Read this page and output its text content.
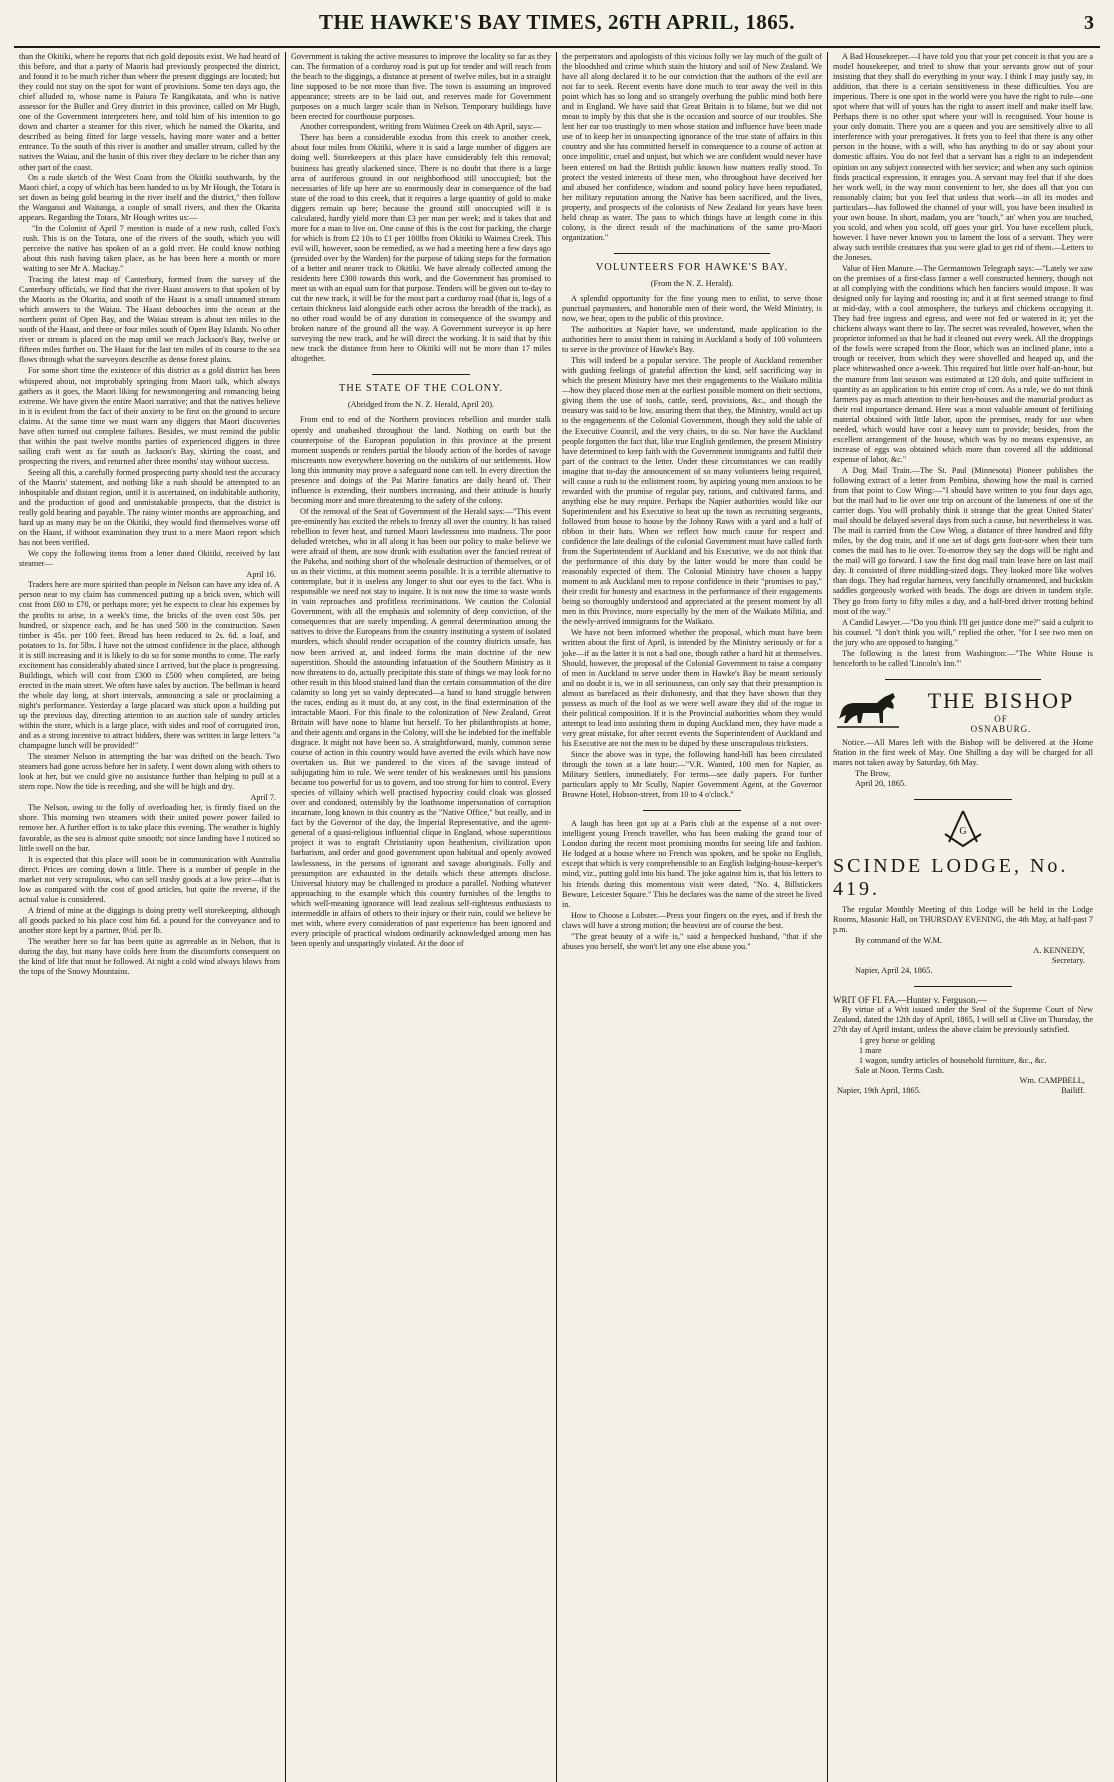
THE HAWKE'S BAY TIMES, 26TH APRIL, 1865.	3

than the Okitiki, where he reports that rich gold deposits exist. We had heard of this before, and that a party of Maoris had previously prospected the district, and found it to be much richer than where the present diggings are located; but they could not stay on the spot for want of provisions. Some ten days ago, the chief alluded to, whose name is Paiura Te Rangikatata, and who is native assessor for the Buller and Grey district in this province, called on Mr Hugh, one of the Government interpreters here, and told him of his intention to go down and charter a steamer for this river, which he named the Okarita, and described as being fitted for large vessels, having more water and a better entrance. To the south of this river is another and smaller stream, called by the natives the Waiau, and the basin of this river they declare to be richer than any other part of the coast.

On a rude sketch of the West Coast from the Okitiki southwards, by the Maori chief, a copy of which has been handed to us by Mr Hough, the Totara is set down as being gold bearing in the river itself and the district," then follow the Wanganui and Waitanga, a couple of small rivers, and then the Okarita appears. Regarding the Totara, Mr Hough writes us:—

"In the Colonist of April 7 mention is made of a new rush, called Fox's rush. This is on the Totara, one of the rivers of the south, which you will perceive the native has spoken of as a gold river. He could know nothing about this rush having taken place, as he has been here a month or more waiting to see Mr A. Mackay."

Tracing the latest map of Canterbury, formed from the survey of the Canterbury officials, we find that the river Haast answers to that spoken of by the Maoris as the Okarita, and south of the Haast is a small unnamed stream which answers to the Waiau. The Haast debouches into the ocean at the northern point of Open Bay, and the Waiau stream is about ten miles to the south of the Haast, and three or four miles south of Open Bay Islands. No other river or stream is placed on the map until we reach Jackson's Bay, twelve or fifteen miles further on. The Haast for the last ten miles of its course to the sea flows through what the surveyors describe as dense forest plains.

For some short time the existence of this district as a gold district has been whispered about, not improbably springing from Maori talk, which always gathers as it goes, the Maori liking for newsmongering and romancing being extreme. We have given the entire Maori narrative; and that the natives believe in it is evident from the fact of their anxiety to be first on the ground to secure claims. At the same time we must warn any diggers that Maori discoveries have often turned out complete failures. Besides, we must remind the public that within the past twelve months parties of experienced diggers in three sailing craft went as far south as Jackson's Bay, skirting the coast, and prospecting the rivers, and returned after three months' stay without success.

Seeing all this, a carefully formed prospecting party should test the accuracy of the Maoris' statement, and nothing like a rush should be attempted to an inhospitable and distant region, until it is ascertained, on indubitable authority, and the production of good and unmistakable prospects, that the district is really gold bearing and payable. The rainy winter months are approaching, and hard up as many may be on the Okitiki, they would find themselves worse off on the Haast, if without examination they trust to a mere Maori report which has not been verified.

We copy the following items from a letter dated Okitiki, received by last steamer—

April 16.

Traders here are more spirited than people in Nelson can have any idea of. A person near to my claim has commenced putting up a brick oven, which will cost from £60 to £70, or perhaps more; yet he expects to clear his expenses by the profits to arise, in a week's time, the bricks of the oven cost 50s. per hundred, or sixpence each, and he has used 500 in the construction. Sawn timber is 45s. per 100 feet. Bread has been reduced to 2s. 6d. a loaf, and potatoes to 1s. for 5lbs. I have not the utmost confidence in the place, although it is still increasing and it is likely to do so for some months to come. The early excitement has considerably abated since I arrived, but the place is progressing. Buildings, which will cost from £300 to £500 when completed, are being erected in the main street. We often have sales by auction. The bellman is heard the whole day long, at short intervals, announcing a sale or proclaiming a night's performance. Yesterday a large placard was stuck upon a building put up the previous day, directing attention to an auction sale of sundry articles within the store, which is a large place, with sides and roof of corrugated iron, and as a strong incentive to attract bidders, there was written in large letters "a champagne lunch will be provided!"

The steamer Nelson in attempting the bar was drifted on the beach. Two steamers had gone across before her in safety. I went down along with others to look at her, but we could give no assistance further than helping to pull at a stern rope. Now the tide is receding, and she will be high and dry.

April 7.

The Nelson, owing to the folly of overloading her, is firmly fixed on the shore. This morning two steamers with their united power power failed to remove her. A further effort is to take place this evening. The weather is highly favorable, as the sea is almost quite smooth; not since landing have I noticed so little swell on the bar.

It is expected that this place will soon be in communication with Australia direct. Prices are coming down a little. There is a number of people in the market not very scrupulous, who can sell trashy goods at a low price—that is low as compared with the cost of good articles, but quite the reverse, if the actual value is considered.

A friend of mine at the diggings is doing pretty well storekeeping, although all goods packed to his place cost him 6d. a pound for the conveyance and to another store kept by a partner, 8½d. per lb.

The weather here so far has been quite as agreeable as in Nelson, that is during the day, but many have colds here from the discomforts consequent on the kind of life that must be followed. At night a cold wind always blows from the tops of the Snowy Mountains.

Government is taking the active measures to improve the locality so far as they can. The formation of a corduroy road is put up for tender and will reach from the beach to the diggings, a distance at present of twelve miles, but in a straight line supposed to be not more than five. The town is assuming an improved appearance; streets are to be laid out, and reserves made for Government purposes on a much larger scale than in Nelson. Temporary buildings have been erected for courthouse purposes.

Another correspondent, writing from Waimea Creek on 4th April, says:—

There has been a considerable exodus from this creek to another creek, about four miles from Okitiki, where it is said a large number of diggers are doing well. Storekeepers at this place have considerably felt this removal; business has greatly slackened since. There is no doubt that there is a large area of auriferous ground in our neighborhood still unoccupied; but the necessaries of life up here are so enormously dear in consequence of the bad state of the road to this creek, that it requires a large quantity of gold to make diggers remain up here; because the ground still unoccupied will it is calculated, hardly yield more than £3 per man per week; and it takes that and more for a man to live on. One cause of this is the cost for packing, the charge for which is from £2 10s to £1 per 100lbs from Okitiki to Waimea Creek. This evil will, however, soon be remedied, as we had a meeting here a few days ago (presided over by the Warden) for the purpose of taking steps for the formation of a better and nearer track to Okitiki. We have already collected among the residents here £300 towards this work, and the Government has promised to meet us with an equal sum for that purpose. Tenders will be given out to-day to cut the new track, it will be for the most part a corduroy road (that is, logs of a certain thickness laid alongside each other across the breadth of the track), as no other road would be of any duration in consequence of the swampy and broken nature of the ground all the way. A Government surveyor is up here surveying the new track, and he will direct the working. It is said that by this new track the distance from here to Okitiki will not be more than 17 miles altogether.

THE STATE OF THE COLONY.
(Abridged from the N. Z. Herald, April 20).

From end to end of the Northern provinces rebellion and murder stalk openly and unabashed throughout the land. Nothing on earth but the counterpoise of the European population in this province at the present moment suspends or renders partial the bloody action of the hordes of savage miscreants now everywhere hovering on the outskirts of our settlements. How long this immunity may prove a safeguard none can tell. In every direction the presence and doings of the Pai Marire fanatics are daily heard of. Their influence is extending, their numbers increasing, and their attitude is hourly becoming more and more threatening to the safety of the colony.

Of the removal of the Seat of Government of the Herald says:—"This event pre-eminently has excited the rebels to frenzy all over the country. It has raised rebellion to fever heat, and turned Maori lawlessness into madness. The poor deluded wretches, who in all along it has been our policy to make believe we were afraid of them, are now drunk with exultation over the fancied retreat of the Pakeha, and nothing short of the wholesale destruction of themselves, or of us as their victims, at this moment seems possible. It is a terrible alternative to contemplate, but it is useless any longer to shut our eyes to the fact. Who is responsible we need not stay to inquire. It is not now the time to waste words in vain reproaches and profitless recriminations. We caution the Colonial Government, with all the emphasis and solemnity of deep conviction, of the consequences that are surely impending. A general determination among the natives to drive the Europeans from the country instituting a system of isolated murders, which should render occupation of the country districts unsafe, has now been arrived at, and indeed forms the main doctrine of the new superstition. Should the astounding infatuation of the Southern Ministry as it now threatens to do, actually precipitate this state of things we may look for no other result in this blood stained land than the certain consummation of the dire calamity so long yet so vainly deprecated—a hand to hand struggle between the races, ending as it must do, at any cost, in the final extermination of the intractable Maori. For this finale to the colonization of New Zealand, Great Britain will have none to blame but herself. To her philanthropists at home, and their agents and organs in the Colony, will she be indebted for the ineffable disgrace. It might not have been so. A straightforward, manly, common sense course of action in this country would have averted the evils which have now overtaken us. But we pandered to the vices of the savage instead of subjugating him to rule. We were tender of his weaknesses until his passions became too powerful for us to govern, and too strong for him to control. Every species of villainy which well practised hypocrisy could cloak was glossed over and condoned, ostensibly by the loathsome impersonation of corruption incarnate, long known in this country as the "Native Office," but really, and in fact by the Governor of the day, the Imperial Representative, and the agent-general of a quasi-religious influential clique in England, whose superstitious project it was to engraft Christianity upon heathenism, civilization upon barbarism, and order and good government upon habitual and openly avowed lawlessness, in the persons of ignorant and savage aboriginals. Folly and presumption are exhausted in the details which these attempts disclose. Universal history may be challenged to produce a parallel. Nothing whatever approaching to the example which this country furnishes of the lengths to which well-meaning ignorance will lead zealous self-righteous enthusiasts to intermeddle in affairs of others to their injury or their ruin, could we believe be met with, where every consideration of past experience has been ignored and every principle of practical wisdom ordinarily acknowledged among men has been openly and unsparingly violated. At the door of

the perpetrators and apologists of this vicious folly we lay much of the guilt of the bloodshed and crime which stain the history and soil of New Zealand. We have all along declared it to be our conviction that the authors of the evil are not far to seek. Recent events have done much to tear away the veil in this point which has so long and so strangely overhung the public mind both here and in England. We have said that Great Britain is to blame, but we did not mean to imply by this that she is the occasion and source of our troubles. She lent her ear too trustingly to men whose station and influence have been made use of to keep her in unsuspecting ignorance of the true state of affairs in this country and she has committed herself in consequence to a course of action at once impolitic, cruel and unjust, but which we are confident would never have been entered on had the British public known how matters really stood. To protect the vested interests of these men, who throughout have deceived her and abused her confidence, wisdom and sound policy have been repudiated, her military reputation among the Native has been sacrificed, and the lives, property, and prospects of the colonists of New Zealand for years have been held cheap as water. The pass to which things have at length come in this colony, is the direct result of the machinations of the same pro-Maori organization."

VOLUNTEERS FOR HAWKE'S BAY.
(From the N. Z. Herald).

A splendid opportunity for the fine young men to enlist, to serve those punctual paymasters, and honorable men of their word, the Weld Ministry, is now, we hear, open to the public of this province.

The authorities at Napier have, we understand, made application to the authorities here to assist them in raising in Auckland a body of 100 volunteers to serve in the province of Hawke's Bay.

This will indeed be a popular service. The people of Auckland remember with gushing feelings of grateful affection the kind, self sacrificing way in which the present Ministry have met their engagements to the Waikato militia—how they placed those men at the earliest possible moment on their sections, giving them the use of tools, cattle, seed, provisions, &c., and though the treasury was said to be low, assuring them that they, the Ministry, would act up to the engagements of the Colonial Government, though they sold the table of the Executive Council, and the very chairs, to do so. Nor have the Auckland people forgotten the fact that, like true English gentlemen, the present Ministry have determined to keep faith with the Government immigrants and fulfil their part of the contract to the letter. Under these circumstances we can readily imagine that to-day the announcement of so many volunteers being required, will cause a rush to the enlistment room, by aspiring young men anxious to be rewarded with the promise of regular pay, rations, and cultivated farms, and anything else he may require. Perhaps the Napier authorities would like our Superintendent and his Executive to beat up the town as recruiting sergeants, followed from house to house by the Johnny Raws with a yard and a half of ribbon in their hats. When we reflect how much cause for respect and confidence the late dealings of the colonial Government must have called forth from the Superintendent of Auckland and his Executive, we do not think that the performance of this duty by the latter would be more than could be reasonably expected of them. The Colonial Ministry have chosen a happy moment to ask Auckland men to repose confidence in their "promises to pay," their credit for honesty and exactness in the performance of their engagements being so thoroughly understood and appreciated at the present moment by all men in this Province, more especially by the men of the Waikato Militia, and the newly-arrived immigrants for the Waikato.

We have not been informed whether the proposal, which must have been written about the first of April, is intended by the Ministry seriously or for a joke—if as the latter it is not a bad one, though rather a hard hit at themselves. Should, however, the proposal of the Colonial Government to raise a company of men in Auckland to serve under them in Hawke's Bay be meant seriously and no doubt it is, we in all seriousness, can only say that their presumption is almost as barefaced as their dishonesty, and that they have shown that they possess as much of the fool as we were well aware they did of the rogue in their political composition. If it is the Provincial authorities whom they would attempt to lead into assisting them in duping Auckland men, they have made a very great mistake, for after recent events the Superintendent of Auckland and his Executive are not the men to be duped by these unscrupulous tricksters.

Since the above was in type, the following hand-bill has been circulated through the town at a late hour:—"V.R. Wanted, 100 men for Napier, as Military Settlers, immediately. For terms—see daily papers. For further particulars apply to Mr Scully, Napier Government Agent, at the Governor Browne Hotel, Hobson-street, from 10 to 4 o'clock."

A laugh has been got up at a Paris club at the expense of a not over-intelligent young French traveller, who has been making the grand tour of London during the recent most promising months for seeing life and fashion. He lodged at a house where no French was spoken, and he spoke no English, except that which is very comprehensible to an English lodging-house-keeper's mind, viz., putting gold into his hand. The joke against him is, that his letters to his friends during this momentous visit were dated, "No. 4, Billstickers Beware, Leicester Square." This he declares was the name of the street he lived in.

How to Choose a Lobster.—Press your fingers on the eyes, and if fresh the claws will have a strong motion; the heaviest are of course the best.

"The great beauty of a wife is," said a henpecked husband, "that if she abuses you herself, she won't let any one else abuse you."

A Bad Housekeeper.—I have told you that your pet conceit is that you are a model housekeeper, and tried to show that your servants grow out of your insisting that they shall do everything in your way. I think I may justly say, in addition, that there is a certain sensitiveness in these difficulties. You are imperious. There is one spot in the world were you have the right to rule—one spot where that will of yours has the right to assert itself and make itself law. Perhaps there is no other spot where your will is recognised. Your house is your only domain. There you are a queen and you are sensitively alive to all interference with your prerogatives. It frets you to feel that there is any other person in the house, with a will, who has anything to do or say about your domestic affairs. You do not feel that a servant has a right to an independent opinion on any subject connected with her service; and when any such opinion finds practical expression, it enrages you. A servant may feel that if she does her work well, in the way most convenient to her, she does all that you can reasonably claim; but you feel that unless that work—in all its modes and particulars—has followed the channel of your will, you have been insulted in your own house. In short, madam, you are "touch," an' when you are touched, you scold, and when you scold, off goes your girl. You have excellent pluck, however. I have never known you to lament the loss of a servant. They were alway such terrible creatures that you were glad to get rid of them.—Letters to the Joneses.

Value of Hen Manure.—The Germantown Telegraph says:—"Lately we saw on the premises of a first-class farmer a well constructed hennery, though not at all complying with the conditions which hen fanciers would impose. It was designed only for laying and roosting in; and it at first seemed strange to find at mid-day, with a cool atmosphere, the turkeys and chickens occupying it. They had free ingress and egress, and were not fed or watered in it; yet the chickens always want there to lay. The secret was revealed, however, when the proprietor informed us that he had it cleaned out every week. All the droppings of the fowls were scraped from the floor, which was an inclined plane, into a trough or receiver, from which they were shovelled and heaped up, and the place whitewashed once a-week. This required but little over half-an-hour, but the manure from last season was estimated at 120 dols, and quite sufficient in quantity as an application to his entire crop of corn. As a rule, we do not think farmers pay as much attention to their hen-houses and the manurial product as their real importance demand. Here was a most valuable amount of fertilising material obtained with little labor, upon the premises, ready for use when needed, which would have cost a heavy sum to provide; besides, from the excellent arrangement of the house, which was by no means expensive, an increase of eggs was obtained which more than covered all the additional expense of labor, &c."

A Dog Mail Train.—The St. Paul (Minnesota) Pioneer publishes the following extract of a letter from Pembina, showing how the mail is carried from that point to Cow Wing:—"I should have written to you four days ago, but the mail had to lie over one trip on account of the lameness of one of the carrier dogs. You will probably think it strange that the great United States' mail should be delayed several days from such a cause, but nevertheless it was. The mail is carried from the Cow Wing, a distance of three hundred and fifty miles, by the dog train, and if one set of dogs gets foot-sore when their turn comes the mail has to lie over. To-morrow they say the dogs will be right and the mail will go forward. I saw the first dog mail train leave here on last mail day. It consisted of three middling-sized dogs. They looked more like wolves than dogs. They had regular harness, very fancifully ornamented, and buckskin saddles gorgeously worked with beads. The dogs are driven in tandem style. They go from forty to fifty miles a day, and a half-bred driver trotting behind most of the way."

A Candid Lawyer.—"Do you think I'll get justice done me?" said a culprit to his counsel. "I don't think you will," replied the other, "for I see two men on the jury who are opposed to hanging."

The following is the latest from Washington:—"The White House is henceforth to be called 'Lincoln's Inn.'"

THE BISHOP
OF
OSNABURG.

Notice.—All Mares left with the Bishop will be delivered at the Home Station in the first week of May. One Shilling a day will be charged for all mares not taken away by Saturday, 6th May.

The Brow,
April 20, 1865.
G
SCINDE LODGE, No. 419.

The regular Monthly Meeting of this Lodge will be held in the Lodge Rooms, Masonic Hall, on THURSDAY EVENING, the 4th May, at half-past 7 p.m.

By command of the W.M.
A. KENNEDY,
Secretary.
Napier, April 24, 1865.
WRIT OF FI. FA.—Hunter v. Ferguson.—

By virtue of a Writ issued under the Seal of the Supreme Court of New Zealand, dated the 12th day of April, 1865, I will sell at Clive on Thursday, the 27th day of April instant, unless the above claim be previously satisfied.

1 grey horse or gelding
1 mare
1 wagon, sundry articles of household furniture, &c., &c.
Sale at Noon. Terms Cash.
Wm. CAMPBELL,
Napier, 19th April, 1865.	Bailiff.
